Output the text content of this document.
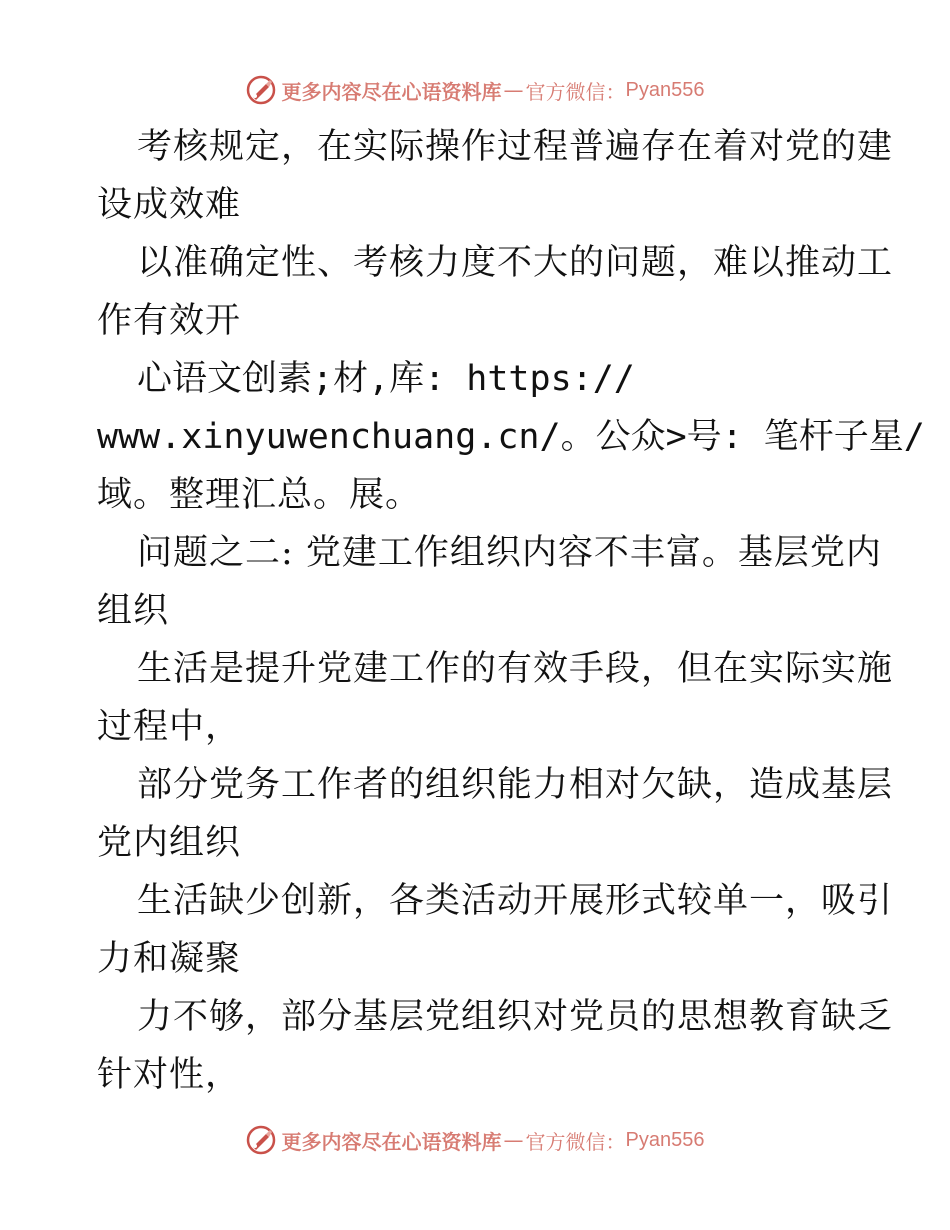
更多内容尽在心语资料库 — 官方微信： Pyan556
考核规定，在实际操作过程普遍存在着对党的建
设成效难
以准确定性、考核力度不大的问题，难以推动工
作有效开
心语文创素;材,库: https://
www.xinyuwenchuang.cn/。公众>号: 笔杆子星/
域。整理汇总。展。
问题之二: 党建工作组织内容不丰富。基层党内
组织
生活是提升党建工作的有效手段，但在实际实施
过程中，
部分党务工作者的组织能力相对欠缺，造成基层
党内组织
生活缺少创新，各类活动开展形式较单一，吸引
力和凝聚
力不够，部分基层党组织对党员的思想教育缺乏
针对性，
更多内容尽在心语资料库 — 官方微信： Pyan556
